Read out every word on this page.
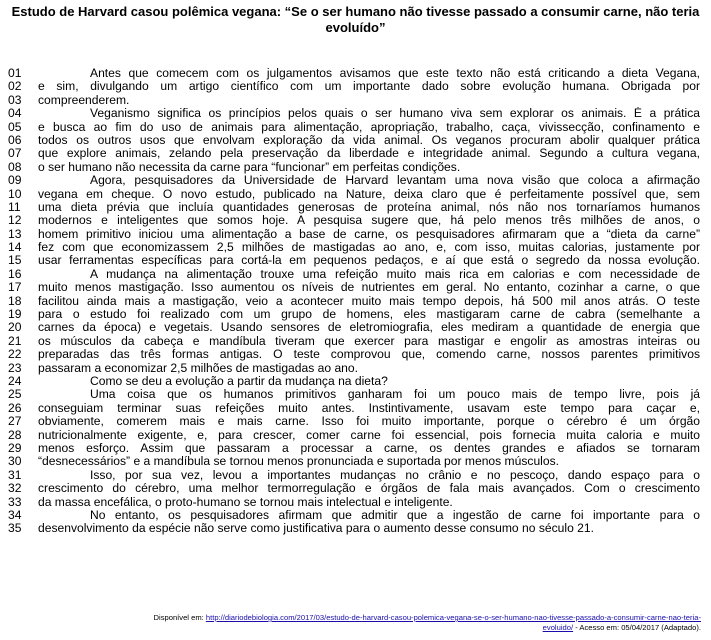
Estudo de Harvard casou polêmica vegana: “Se o ser humano não tivesse passado a consumir carne, não teria evoluído”
01	Antes que comecem com os julgamentos avisamos que este texto não está criticando a dieta Vegana,
02	e sim, divulgando um artigo científico com um importante dado sobre evolução humana. Obrigada por
03	compreenderem.
04	Veganismo significa os princípios pelos quais o ser humano viva sem explorar os animais. É a prática
05	e busca ao fim do uso de animais para alimentação, apropriação, trabalho, caça, vivissecção, confinamento e
06	todos os outros usos que envolvam exploração da vida animal. Os veganos procuram abolir qualquer prática
07	que explore animais, zelando pela preservação da liberdade e integridade animal. Segundo a cultura vegana,
08	o ser humano não necessita da carne para “funcionar” em perfeitas condições.
09	Agora, pesquisadores da Universidade de Harvard levantam uma nova visão que coloca a afirmação
10	vegana em cheque. O novo estudo, publicado na Nature, deixa claro que é perfeitamente possível que, sem
11	uma dieta prévia que incluía quantidades generosas de proteína animal, nós não nos tornaríamos humanos
12	modernos e inteligentes que somos hoje. A pesquisa sugere que, há pelo menos três milhões de anos, o
13	homem primitivo iniciou uma alimentação a base de carne, os pesquisadores afirmaram que a “dieta da carne”
14	fez com que economizassem 2,5 milhões de mastigadas ao ano, e, com isso, muitas calorias, justamente por
15	usar ferramentas específicas para cortá-la em pequenos pedaços, e aí que está o segredo da nossa evolução.
16	A mudança na alimentação trouxe uma refeição muito mais rica em calorias e com necessidade de
17	muito menos mastigação. Isso aumentou os níveis de nutrientes em geral. No entanto, cozinhar a carne, o que
18	facilitou ainda mais a mastigação, veio a acontecer muito mais tempo depois, há 500 mil anos atrás. O teste
19	para o estudo foi realizado com um grupo de homens, eles mastigaram carne de cabra (semelhante a
20	carnes da época) e vegetais. Usando sensores de eletromiografia, eles mediram a quantidade de energia que
21	os músculos da cabeça e mandíbula tiveram que exercer para mastigar e engolir as amostras inteiras ou
22	preparadas das três formas antigas. O teste comprovou que, comendo carne, nossos parentes primitivos
23	passaram a economizar 2,5 milhões de mastigadas ao ano.
24	Como se deu a evolução a partir da mudança na dieta?
25	Uma coisa que os humanos primitivos ganharam foi um pouco mais de tempo livre, pois já
26	conseguiam terminar suas refeições muito antes. Instintivamente, usavam este tempo para caçar e,
27	obviamente, comerem mais e mais carne. Isso foi muito importante, porque o cérebro é um órgão
28	nutricionalmente exigente, e, para crescer, comer carne foi essencial, pois fornecia muita caloria e muito
29	menos esforço. Assim que passaram a processar a carne, os dentes grandes e afiados se tornaram
30	“desnecessários” e a mandíbula se tornou menos pronunciada e suportada por menos músculos.
31	Isso, por sua vez, levou a importantes mudanças no crânio e no pescoço, dando espaço para o
32	crescimento do cérebro, uma melhor termorregulação e órgãos de fala mais avançados. Com o crescimento
33	da massa encefálica, o proto-humano se tornou mais intelectual e inteligente.
34	No entanto, os pesquisadores afirmam que admitir que a ingestão de carne foi importante para o
35	desenvolvimento da espécie não serve como justificativa para o aumento desse consumo no século 21.
Disponível em: http://diariodebiologia.com/2017/03/estudo-de-harvard-casou-polemica-vegana-se-o-ser-humano-nao-tivesse-passado-a-consumir-carne-nao-teria-
evoluido/ - Acesso em: 05/04/2017 (Adaptado).
